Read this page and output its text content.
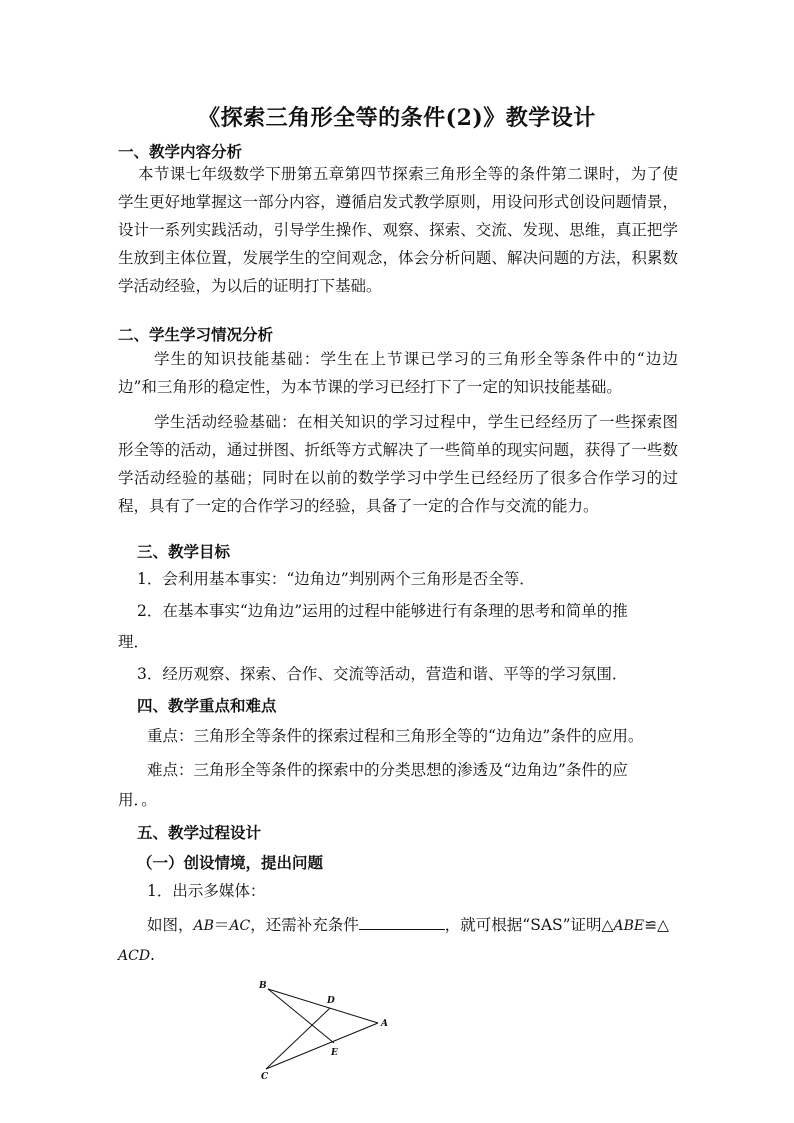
《探索三角形全等的条件(2)》教学设计
一、教学内容分析
本节课七年级数学下册第五章第四节探索三角形全等的条件第二课时，为了使学生更好地掌握这一部分内容，遵循启发式教学原则，用设问形式创设问题情景，设计一系列实践活动，引导学生操作、观察、探索、交流、发现、思维，真正把学生放到主体位置，发展学生的空间观念，体会分析问题、解决问题的方法，积累数学活动经验，为以后的证明打下基础。
二、学生学习情况分析
学生的知识技能基础：学生在上节课已学习的三角形全等条件中的“边边边”和三角形的稳定性，为本节课的学习已经打下了一定的知识技能基础。
学生活动经验基础：在相关知识的学习过程中，学生已经经历了一些探索图形全等的活动，通过拼图、折纸等方式解决了一些简单的现实问题，获得了一些数学活动经验的基础；同时在以前的数学学习中学生已经经历了很多合作学习的过程，具有了一定的合作学习的经验，具备了一定的合作与交流的能力。
三、教学目标
1．会利用基本事实：“边角边”判别两个三角形是否全等．
2．在基本事实“边角边”运用的过程中能够进行有条理的思考和简单的推
理．
3．经历观察、探索、合作、交流等活动，营造和谐、平等的学习氛围．
四、教学重点和难点
重点：三角形全等条件的探索过程和三角形全等的“边角边”条件的应用。
难点：三角形全等条件的探索中的分类思想的渗透及“边角边”条件的应
用．。
五、教学过程设计
（一）创设情境，提出问题
1．出示多媒体：
如图，AB＝AC，还需补充条件	，就可根据“SAS”证明△ABE≌△
ACD.
B
D
A
E
C
